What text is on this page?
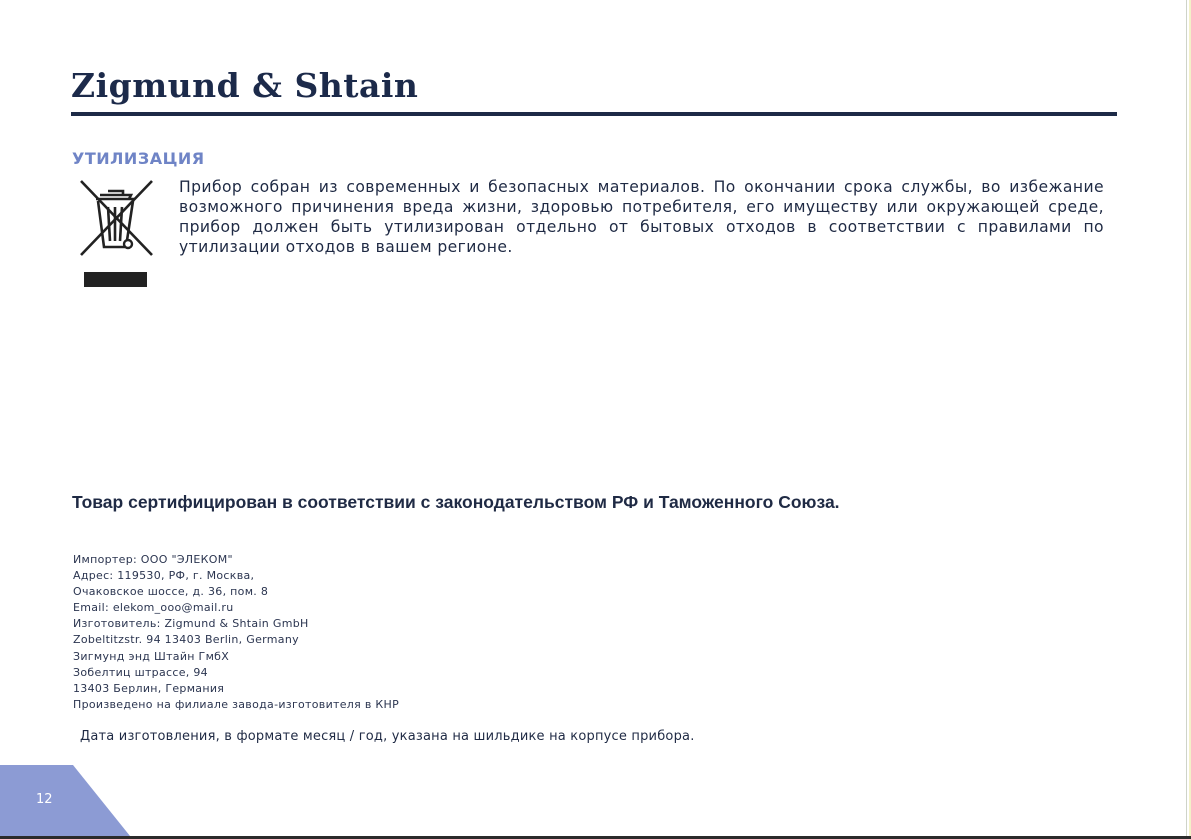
Zigmund & Shtain
УТИЛИЗАЦИЯ
Прибор собран из современных и безопасных материалов. По окончании срока службы, во избежание возможного причинения вреда жизни, здоровью потребителя, его имуществу или окружающей среде, прибор должен быть утилизирован отдельно от бытовых отходов в соответствии с правилами по утилизации отходов в вашем регионе.
Товар сертифицирован в соответствии с законодательством РФ и Таможенного Союза.
Импортер: ООО "ЭЛЕКОМ"
Адрес: 119530, РФ, г. Москва,
Очаковское шоссе, д. 36, пом. 8
Email: elekom_ooo@mail.ru
Изготовитель: Zigmund & Shtain GmbH
Zobeltitzstr. 94 13403 Berlin, Germany
Зигмунд энд Штайн ГмбХ
Зобелтиц штрассе, 94
13403 Берлин, Германия
Произведено на филиале завода-изготовителя в КНР
Дата изготовления, в формате месяц / год, указана на шильдике на корпусе прибора.
12
